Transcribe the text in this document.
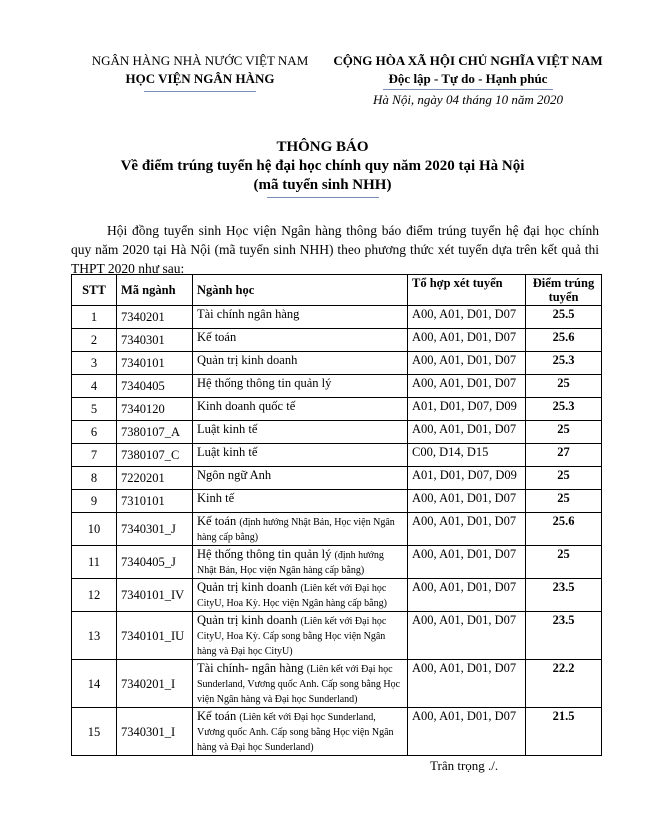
NGÂN HÀNG NHÀ NƯỚC VIỆT NAM
HỌC VIỆN NGÂN HÀNG
CỘNG HÒA XÃ HỘI CHỦ NGHĨA VIỆT NAM
Độc lập - Tự do - Hạnh phúc
Hà Nội, ngày 04 tháng 10 năm 2020
THÔNG BÁO
Về điểm trúng tuyển hệ đại học chính quy năm 2020 tại Hà Nội
(mã tuyển sinh NHH)
Hội đồng tuyển sinh Học viện Ngân hàng thông báo điểm trúng tuyển hệ đại học chính quy năm 2020 tại Hà Nội (mã tuyển sinh NHH) theo phương thức xét tuyển dựa trên kết quả thi THPT 2020 như sau:
STT	Mã ngành	Ngành học	Tổ hợp xét tuyển	Điểm trúng tuyển
1	7340201	Tài chính ngân hàng	A00, A01, D01, D07	25.5
2	7340301	Kế toán	A00, A01, D01, D07	25.6
3	7340101	Quản trị kinh doanh	A00, A01, D01, D07	25.3
4	7340405	Hệ thống thông tin quản lý	A00, A01, D01, D07	25
5	7340120	Kinh doanh quốc tế	A01, D01, D07, D09	25.3
6	7380107_A	Luật kinh tế	A00, A01, D01, D07	25
7	7380107_C	Luật kinh tế	C00, D14, D15	27
8	7220201	Ngôn ngữ Anh	A01, D01, D07, D09	25
9	7310101	Kinh tế	A00, A01, D01, D07	25
10	7340301_J	Kế toán (định hướng Nhật Bản, Học viện Ngân hàng cấp bằng)	A00, A01, D01, D07	25.6
11	7340405_J	Hệ thống thông tin quản lý (định hướng Nhật Bản, Học viện Ngân hàng cấp bằng)	A00, A01, D01, D07	25
12	7340101_IV	Quản trị kinh doanh (Liên kết với Đại học CityU, Hoa Kỳ. Học viện Ngân hàng cấp bằng)	A00, A01, D01, D07	23.5
13	7340101_IU	Quản trị kinh doanh (Liên kết với Đại học CityU, Hoa Kỳ. Cấp song bằng Học viện Ngân hàng và Đại học CityU)	A00, A01, D01, D07	23.5
14	7340201_I	Tài chính- ngân hàng (Liên kết với Đại học Sunderland, Vương quốc Anh. Cấp song bằng Học viện Ngân hàng và Đại học Sunderland)	A00, A01, D01, D07	22.2
15	7340301_I	Kế toán (Liên kết với Đại học Sunderland, Vương quốc Anh. Cấp song bằng Học viện Ngân hàng và Đại học Sunderland)	A00, A01, D01, D07	21.5
Trân trọng ./.
